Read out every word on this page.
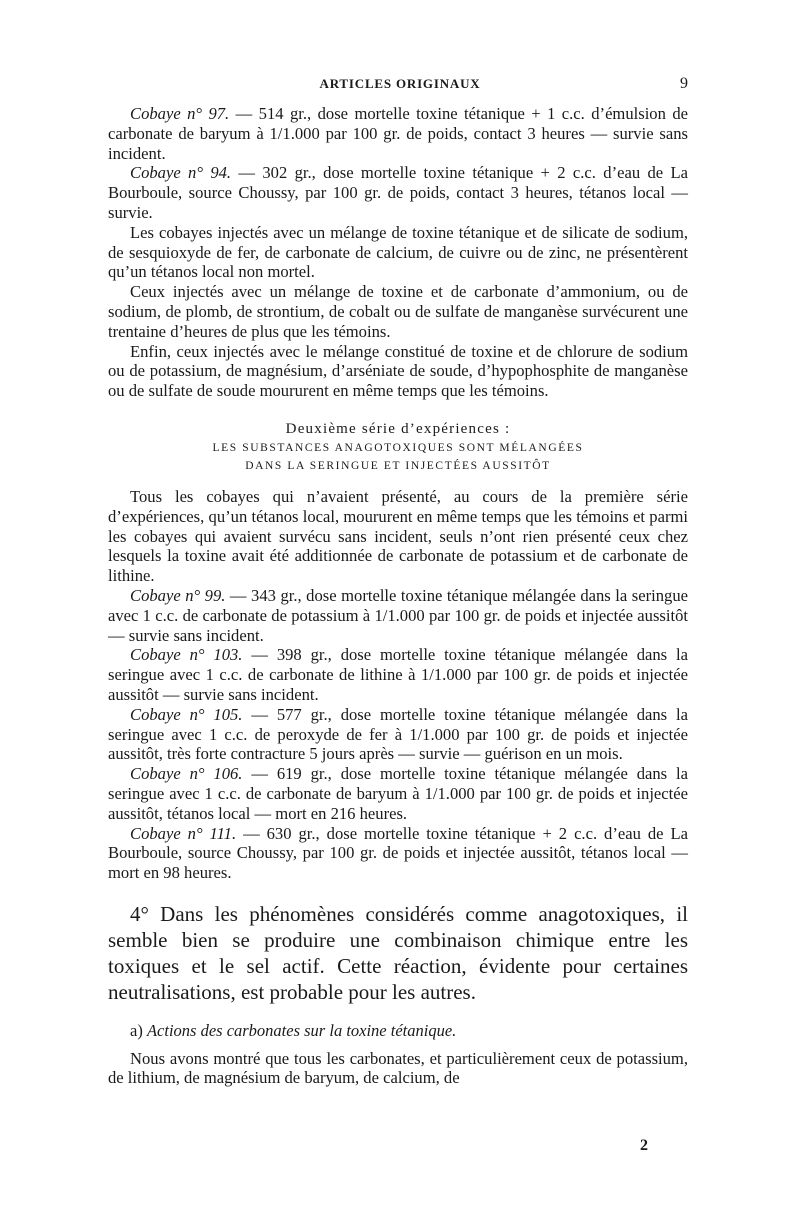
ARTICLES ORIGINAUX	9

Cobaye n° 97. — 514 gr., dose mortelle toxine tétanique + 1 c.c. d’émulsion de carbonate de baryum à 1/1.000 par 100 gr. de poids, contact 3 heures — survie sans incident.

Cobaye n° 94. — 302 gr., dose mortelle toxine tétanique + 2 c.c. d’eau de La Bourboule, source Choussy, par 100 gr. de poids, contact 3 heures, tétanos local — survie.

Les cobayes injectés avec un mélange de toxine tétanique et de silicate de sodium, de sesquioxyde de fer, de carbonate de calcium, de cuivre ou de zinc, ne présentèrent qu’un tétanos local non mortel.

Ceux injectés avec un mélange de toxine et de carbonate d’ammonium, ou de sodium, de plomb, de strontium, de cobalt ou de sulfate de manganèse survécurent une trentaine d’heures de plus que les témoins.

Enfin, ceux injectés avec le mélange constitué de toxine et de chlorure de sodium ou de potassium, de magnésium, d’arséniate de soude, d’hypophosphite de manganèse ou de sulfate de soude moururent en même temps que les témoins.

Deuxième série d’expériences :
LES SUBSTANCES ANAGOTOXIQUES SONT MÉLANGÉES
DANS LA SERINGUE ET INJECTÉES AUSSITÔT

Tous les cobayes qui n’avaient présenté, au cours de la première série d’expériences, qu’un tétanos local, moururent en même temps que les témoins et parmi les cobayes qui avaient survécu sans incident, seuls n’ont rien présenté ceux chez lesquels la toxine avait été additionnée de carbonate de potassium et de carbonate de lithine.

Cobaye n° 99. — 343 gr., dose mortelle toxine tétanique mélangée dans la seringue avec 1 c.c. de carbonate de potassium à 1/1.000 par 100 gr. de poids et injectée aussitôt — survie sans incident.

Cobaye n° 103. — 398 gr., dose mortelle toxine tétanique mélangée dans la seringue avec 1 c.c. de carbonate de lithine à 1/1.000 par 100 gr. de poids et injectée aussitôt — survie sans incident.

Cobaye n° 105. — 577 gr., dose mortelle toxine tétanique mélangée dans la seringue avec 1 c.c. de peroxyde de fer à 1/1.000 par 100 gr. de poids et injectée aussitôt, très forte contracture 5 jours après — survie — guérison en un mois.

Cobaye n° 106. — 619 gr., dose mortelle toxine tétanique mélangée dans la seringue avec 1 c.c. de carbonate de baryum à 1/1.000 par 100 gr. de poids et injectée aussitôt, tétanos local — mort en 216 heures.

Cobaye n° 111. — 630 gr., dose mortelle toxine tétanique + 2 c.c. d’eau de La Bourboule, source Choussy, par 100 gr. de poids et injectée aussitôt, tétanos local — mort en 98 heures.

4° Dans les phénomènes considérés comme anagotoxiques, il semble bien se produire une combinaison chimique entre les toxiques et le sel actif. Cette réaction, évidente pour certaines neutralisations, est probable pour les autres.

a) Actions des carbonates sur la toxine tétanique.

Nous avons montré que tous les carbonates, et particulièrement ceux de potassium, de lithium, de magnésium de baryum, de calcium, de

2
